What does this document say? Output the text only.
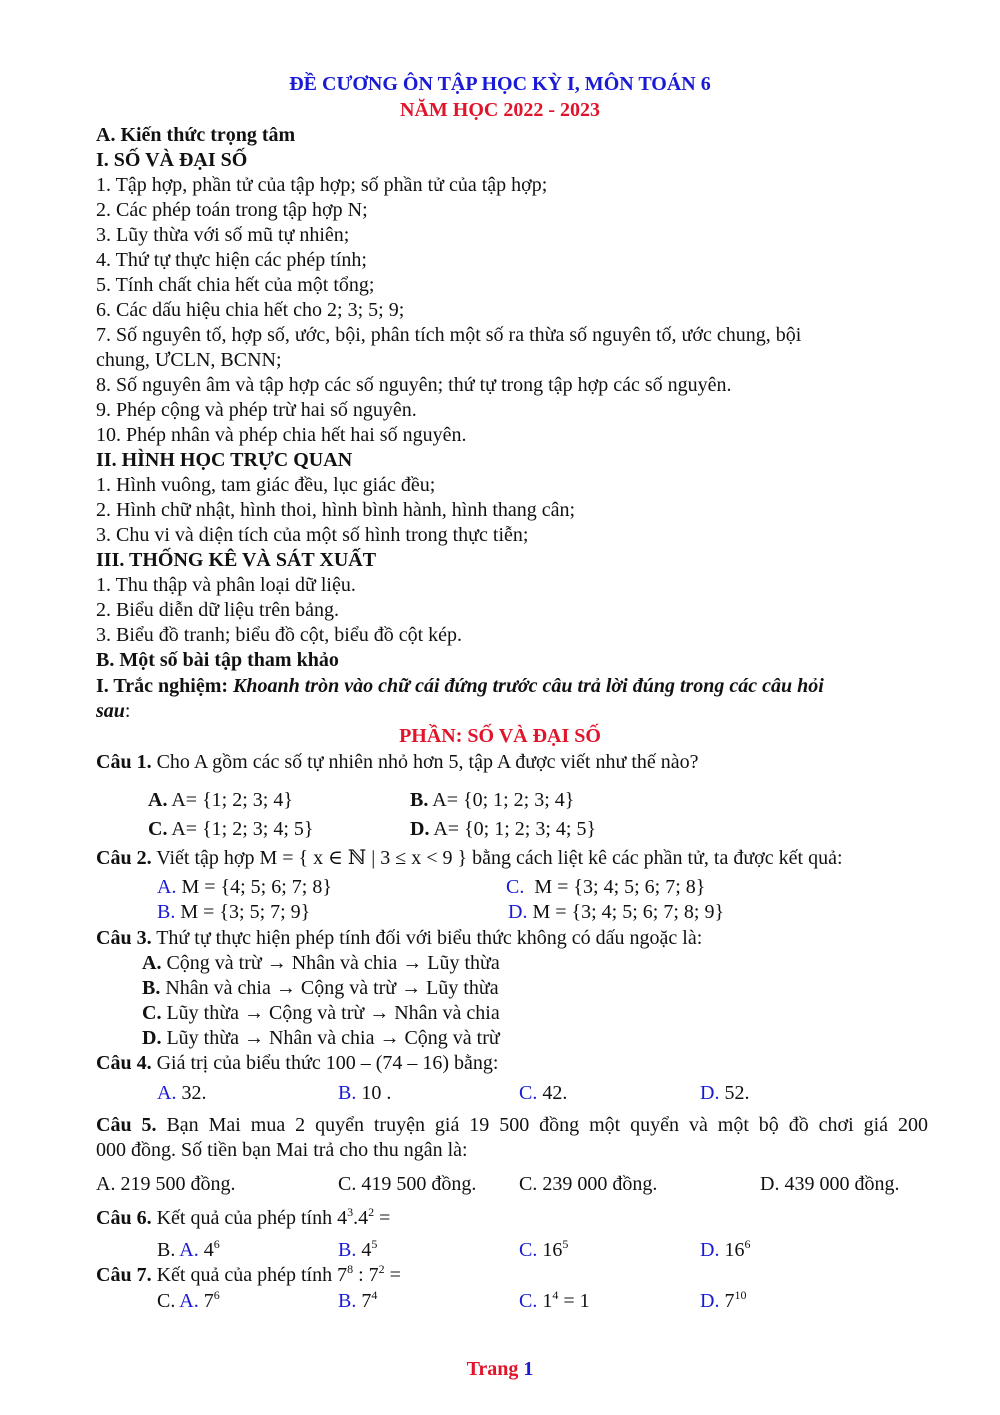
ĐỀ CƯƠNG ÔN TẬP HỌC KỲ I, MÔN TOÁN 6
NĂM HỌC 2022 - 2023
A. Kiến thức trọng tâm
I. SỐ VÀ ĐẠI SỐ
1. Tập hợp, phần tử của tập hợp; số phần tử của tập hợp;
2. Các phép toán trong tập hợp N;
3. Lũy thừa với số mũ tự nhiên;
4. Thứ tự thực hiện các phép tính;
5. Tính chất chia hết của một tổng;
6. Các dấu hiệu chia hết cho 2; 3; 5; 9;
7. Số nguyên tố, hợp số, ước, bội, phân tích một số ra thừa số nguyên tố, ước chung, bội
chung, ƯCLN, BCNN;
8. Số nguyên âm và tập hợp các số nguyên; thứ tự trong tập hợp các số nguyên.
9. Phép cộng và phép trừ hai số nguyên.
10. Phép nhân và phép chia hết hai số nguyên.
II. HÌNH HỌC TRỰC QUAN
1. Hình vuông, tam giác đều, lục giác đều;
2. Hình chữ nhật, hình thoi, hình bình hành, hình thang cân;
3. Chu vi và diện tích của một số hình trong thực tiễn;
III. THỐNG KÊ VÀ SÁT XUẤT
1. Thu thập và phân loại dữ liệu.
2. Biểu diễn dữ liệu trên bảng.
3. Biểu đồ tranh; biểu đồ cột, biểu đồ cột kép.
B. Một số bài tập tham khảo
I. Trắc nghiệm: Khoanh tròn vào chữ cái đứng trước câu trả lời đúng trong các câu hỏi
sau:
PHẦN: SỐ VÀ ĐẠI SỐ
Câu 1. Cho A gồm các số tự nhiên nhỏ hơn 5, tập A được viết như thế nào?
A. A= {1; 2; 3; 4}	B. A= {0; 1; 2; 3; 4}
C. A= {1; 2; 3; 4; 5}	D. A= {0; 1; 2; 3; 4; 5}
Câu 2. Viết tập hợp M = { x ∈ ℕ | 3 ≤ x < 9 } bằng cách liệt kê các phần tử, ta được kết quả:
A. M = {4; 5; 6; 7; 8}	C. M = {3; 4; 5; 6; 7; 8}
B. M = {3; 5; 7; 9}	D. M = {3; 4; 5; 6; 7; 8; 9}
Câu 3. Thứ tự thực hiện phép tính đối với biểu thức không có dấu ngoặc là:
A. Cộng và trừ → Nhân và chia → Lũy thừa
B. Nhân và chia → Cộng và trừ → Lũy thừa
C. Lũy thừa → Cộng và trừ → Nhân và chia
D. Lũy thừa → Nhân và chia → Cộng và trừ
Câu 4. Giá trị của biểu thức 100 – (74 – 16) bằng:
A. 32.	B. 10 .	C. 42.	D. 52.
Câu 5. Bạn Mai mua 2 quyển truyện giá 19 500 đồng một quyển và một bộ đồ chơi giá 200
000 đồng. Số tiền bạn Mai trả cho thu ngân là:
A. 219 500 đồng.	C. 419 500 đồng. C. 239 000 đồng.	D. 439 000 đồng.
Câu 6. Kết quả của phép tính $4^3.4^2$ =
B. A. $4^6$	B. $4^5$	C. $16^5$	D. $16^6$
Câu 7. Kết quả của phép tính $7^8$ : $7^2$ =
C. A. $7^6$	B. $7^4$	C. $1^4 = 1$	D. $7^{10}$
Trang 1
